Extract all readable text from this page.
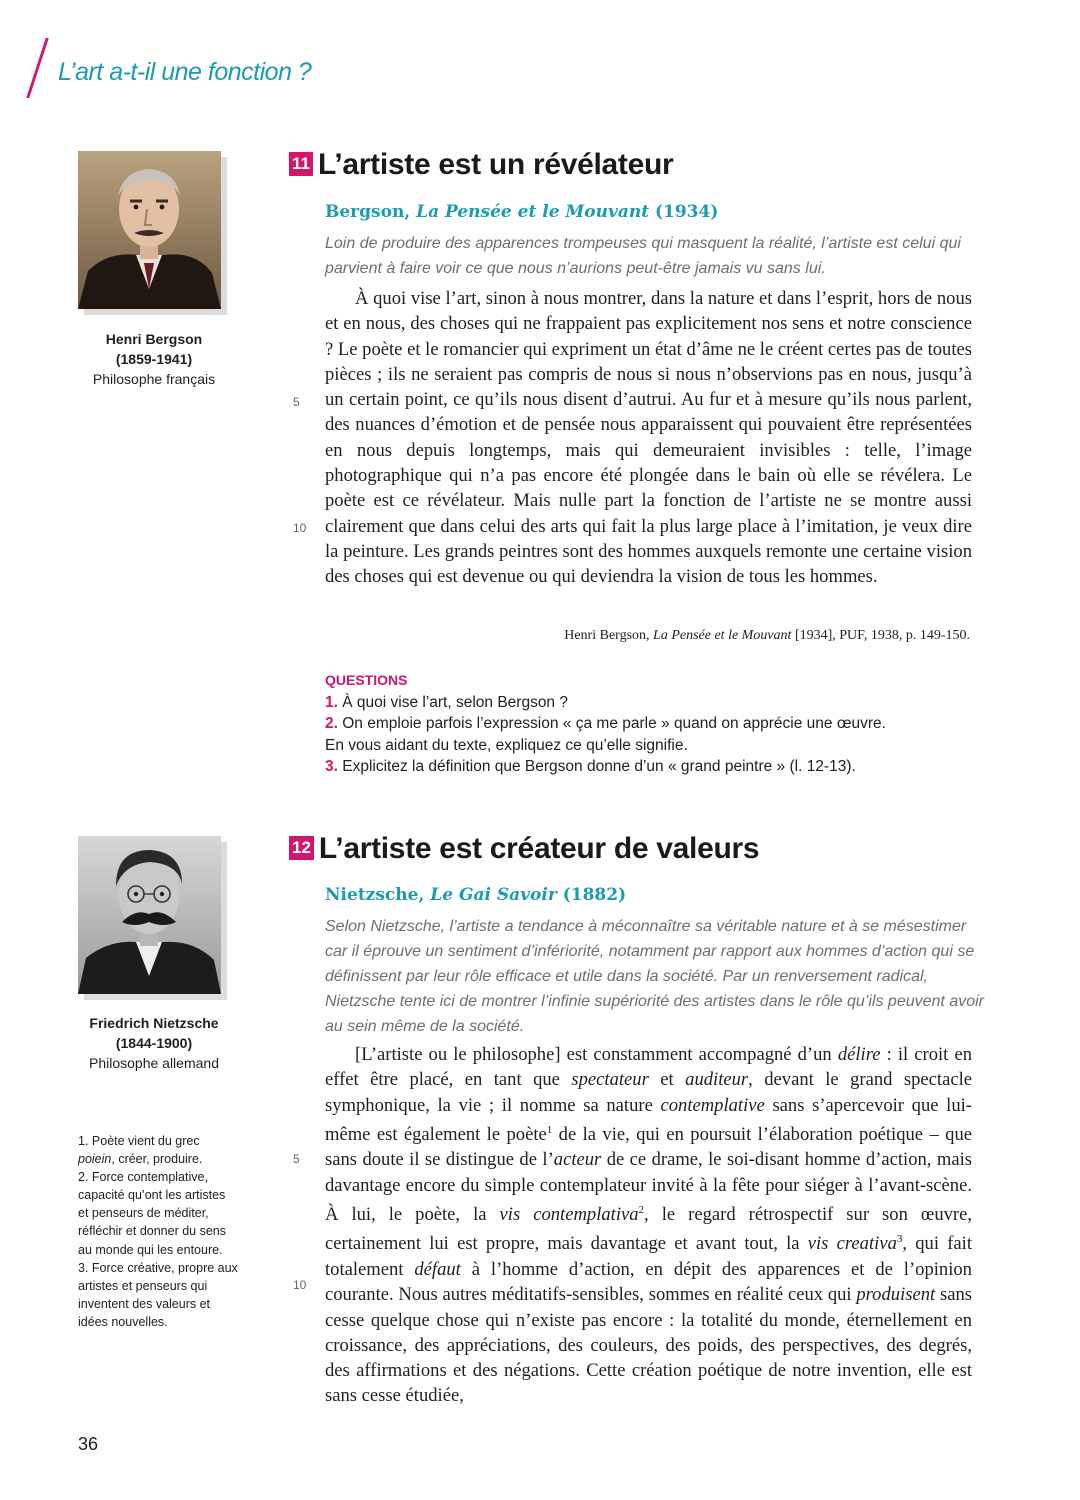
L’art a-t-il une fonction ?
Henri Bergson
(1859-1941)
Philosophe français
11 L’artiste est un révélateur
Bergson, La Pensée et le Mouvant (1934)
Loin de produire des apparences trompeuses qui masquent la réalité, l’artiste est celui qui parvient à faire voir ce que nous n’aurions peut-être jamais vu sans lui.

À quoi vise l’art, sinon à nous montrer, dans la nature et dans l’esprit, hors de nous et en nous, des choses qui ne frappaient pas explicitement nos sens et notre conscience ? Le poète et le romancier qui expriment un état d’âme ne le créent certes pas de toutes pièces ; ils ne seraient pas compris de nous si nous n’observions pas en nous, jusqu’à un certain point, ce qu’ils nous disent d’autrui. Au fur et à mesure qu’ils nous parlent, des nuances d’émotion et de pensée nous apparaissent qui pouvaient être représentées en nous depuis longtemps, mais qui demeuraient invisibles : telle, l’image photographique qui n’a pas encore été plongée dans le bain où elle se révélera. Le poète est ce révélateur. Mais nulle part la fonction de l’artiste ne se montre aussi clairement que dans celui des arts qui fait la plus large place à l’imitation, je veux dire la peinture. Les grands peintres sont des hommes auxquels remonte une certaine vision des choses qui est devenue ou qui deviendra la vision de tous les hommes.

5
10
Henri Bergson, La Pensée et le Mouvant [1934], PUF, 1938, p. 149-150.
QUESTIONS
1. À quoi vise l’art, selon Bergson ?
2. On emploie parfois l’expression « ça me parle » quand on apprécie une œuvre.
En vous aidant du texte, expliquez ce qu’elle signifie.
3. Explicitez la définition que Bergson donne d’un « grand peintre » (l. 12-13).
Friedrich Nietzsche
(1844-1900)
Philosophe allemand
12 L’artiste est créateur de valeurs
Nietzsche, Le Gai Savoir (1882)
Selon Nietzsche, l’artiste a tendance à méconnaître sa véritable nature et à se mésestimer car il éprouve un sentiment d’infériorité, notamment par rapport aux hommes d’action qui se définissent par leur rôle efficace et utile dans la société. Par un renversement radical, Nietzsche tente ici de montrer l’infinie supériorité des artistes dans le rôle qu’ils peuvent avoir au sein même de la société.

[L’artiste ou le philosophe] est constamment accompagné d’un délire : il croit en effet être placé, en tant que spectateur et auditeur, devant le grand spectacle symphonique, la vie ; il nomme sa nature contemplative sans s’apercevoir que lui-même est également le poète$^1$ de la vie, qui en poursuit l’élaboration poétique – que sans doute il se distingue de l’acteur de ce drame, le soi-disant homme d’action, mais davantage encore du simple contemplateur invité à la fête pour siéger à l’avant-scène. À lui, le poète, la vis contemplativa$^2$, le regard rétrospectif sur son œuvre, certainement lui est propre, mais davantage et avant tout, la vis creativa$^3$, qui fait totalement défaut à l’homme d’action, en dépit des apparences et de l’opinion courante. Nous autres méditatifs-sensibles, sommes en réalité ceux qui produisent sans cesse quelque chose qui n’existe pas encore : la totalité du monde, éternellement en croissance, des appréciations, des couleurs, des poids, des perspectives, des degrés, des affirmations et des négations. Cette création poétique de notre invention, elle est sans cesse étudiée,

5
10
1. Poète vient du grec poiein, créer, produire.
2. Force contemplative, capacité qu’ont les artistes et penseurs de méditer, réfléchir et donner du sens au monde qui les entoure.
3. Force créative, propre aux artistes et penseurs qui inventent des valeurs et idées nouvelles.
36
